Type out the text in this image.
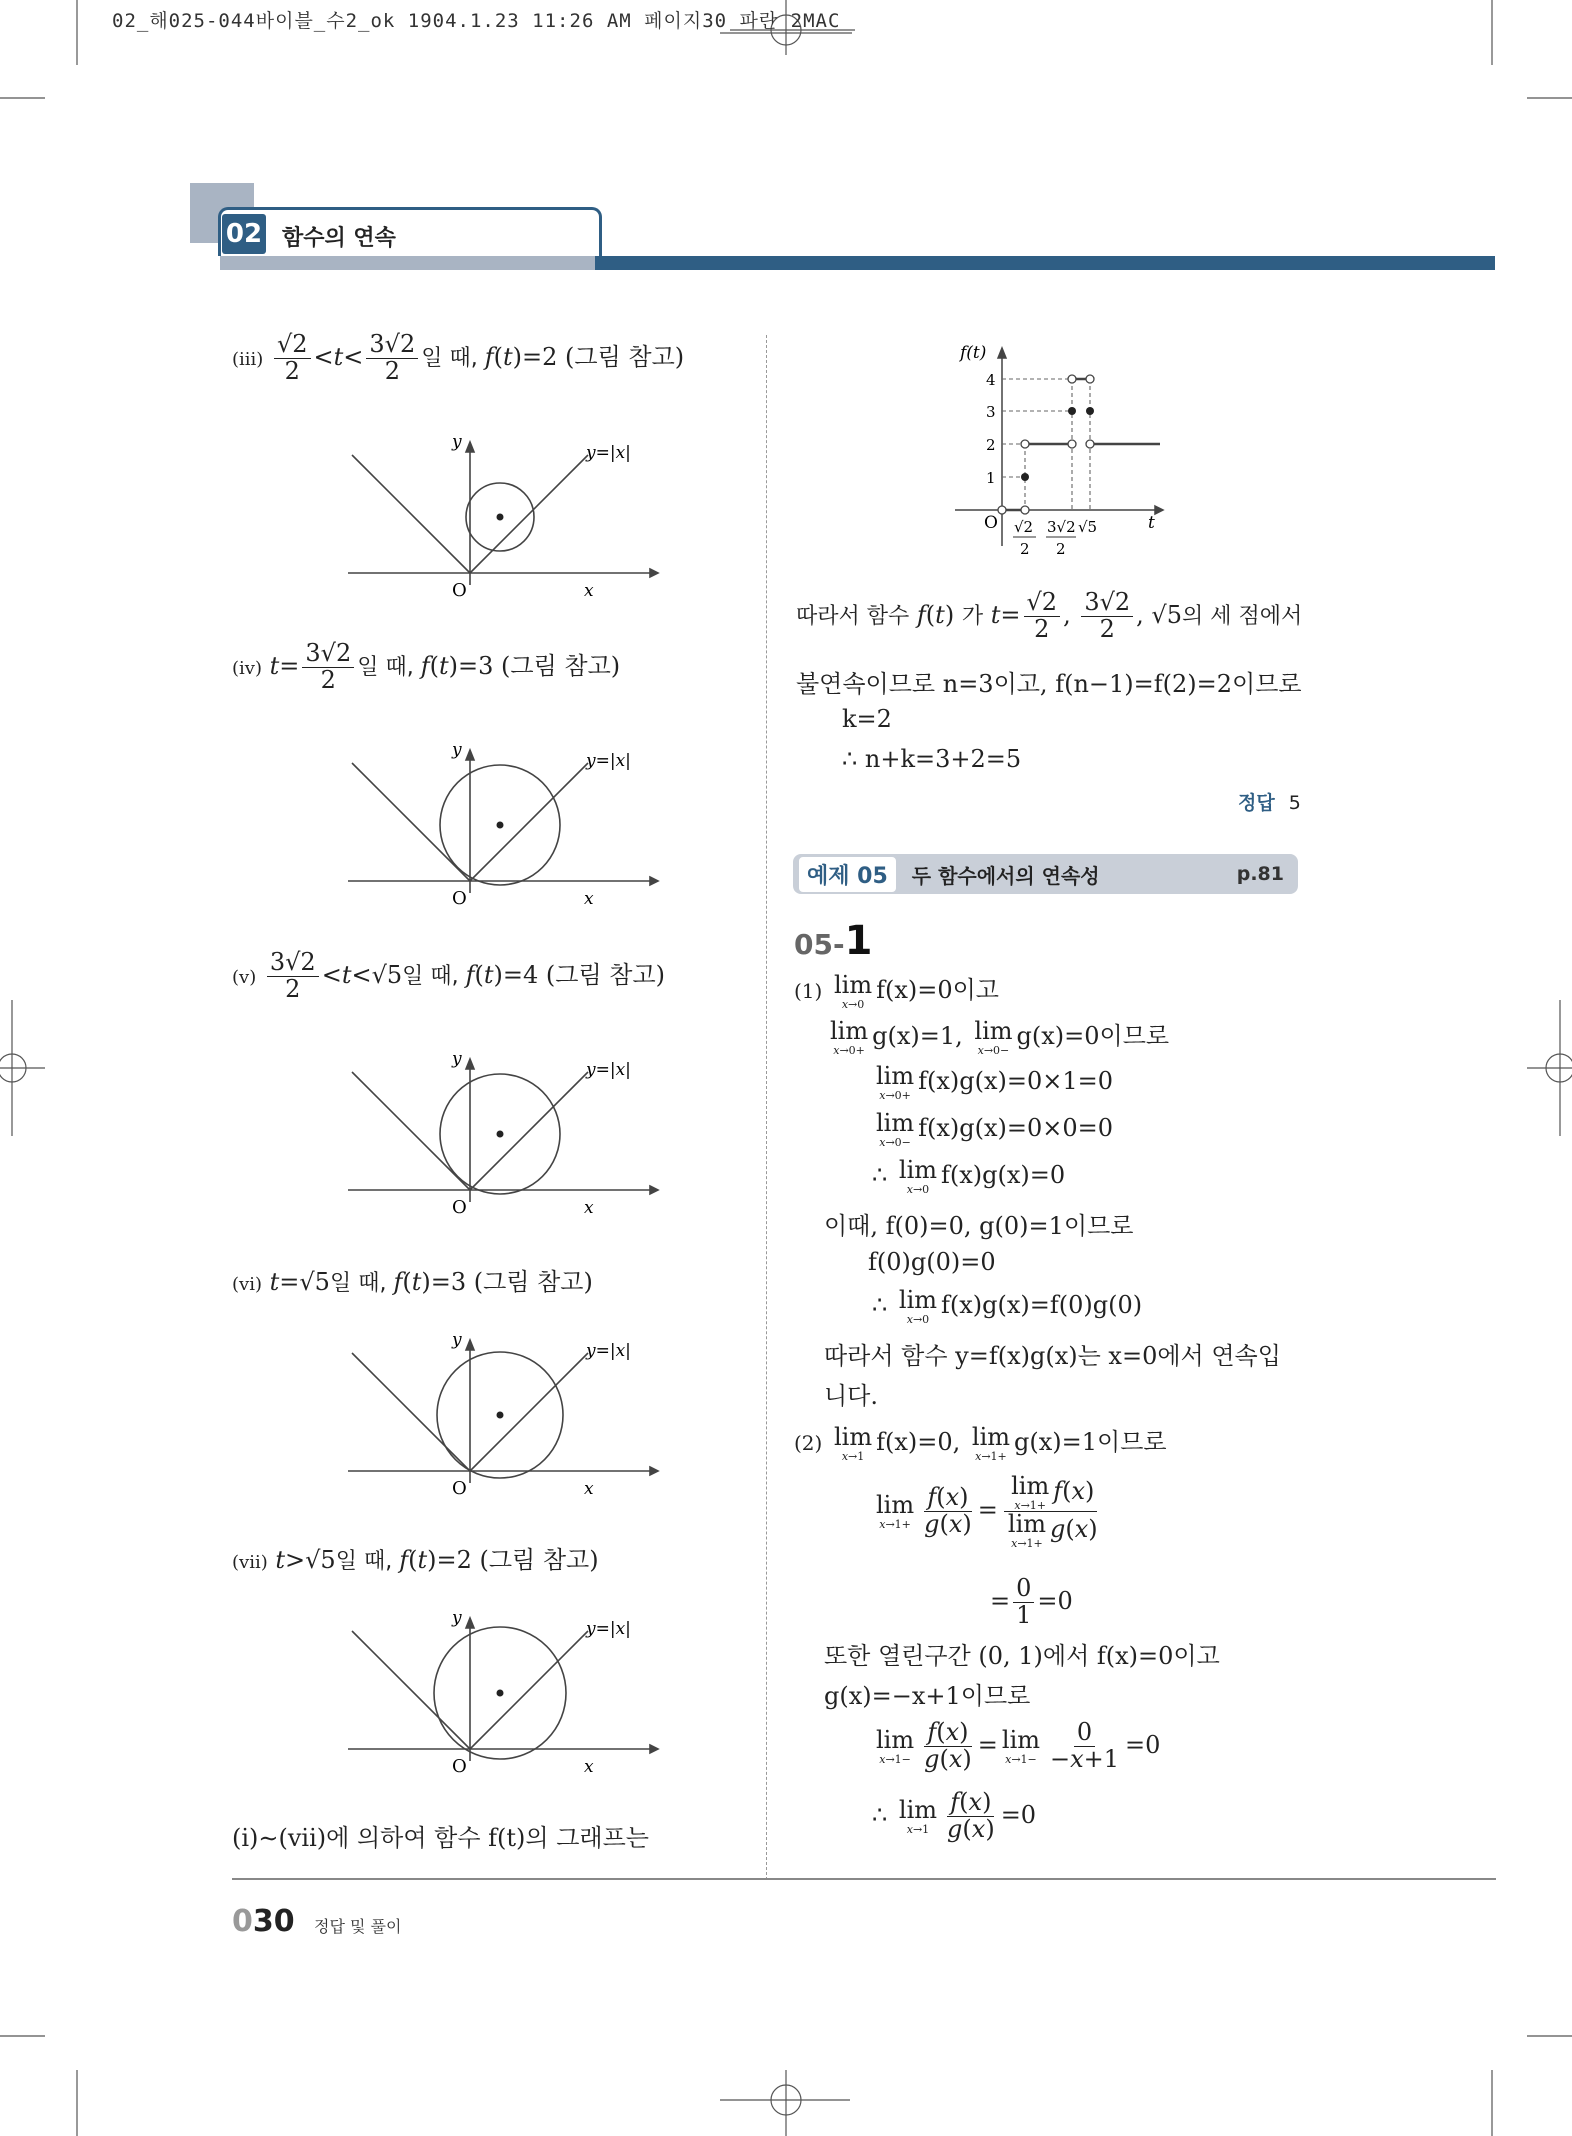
02_해025-044바이블_수2_ok 1904.1.23 11:26 AM 페이지30 파란 2MAC
02 함수의 연속
$(iii) \frac{√2}{2} <t< \frac{3√2}{2}$ 일 때, f(t)=2 (그림 참고)
(iv) $t= \frac{3√2}{2}$ 일 때, f(t)=3 (그림 참고)
$(v) \frac{3√2}{2} <t<√5$일 때, f(t)=4 (그림 참고)
(vi) t=√5일 때, f(t)=3 (그림 참고)
(vii) t>√5일 때, f(t)=2 (그림 참고)
y
y=|x|
O	x
y
y=|x|
O	x
y
y=|x|
O	x
y
y=|x|
O	x
y
y=|x|
O	x
(ⅰ)∼(vii)에 의하여 함수 f(t)의 그래프는
f(t)
t
O
1
2
3
4
√2
2
3√2
2
√5
따라서 함수 f(t) 가 $t= \frac{√2}{2}$ , $\frac{3√2}{2}$ , √5의 세 점에서
불연속이므로 n=3이고, f(n−1)=f(2)=2이므로
k=2
∴ n+k=3+2=5
정답 5
예제 05	두 함수에서의 연속성	p.81
05-1
(1) lim
x→0
f(x)=0이고
lim
x→0+
g(x)=1, lim
x→0−
g(x)=0이므로
lim
x→0+
f(x)g(x)=0×1=0
lim
x→0−
f(x)g(x)=0×0=0
∴ lim
x→0
f(x)g(x)=0
이때, f(0)=0, g(0)=1이므로
f(0)g(0)=0
∴ lim
x→0
f(x)g(x)=f(0)g(0)
따라서 함수 y=f(x)g(x)는 x=0에서 연속입
니다.
(2) lim
x→1
f(x)=0, lim
x→1+
g(x)=1이므로
lim
$x\to 1+ \frac{f(x)}{g(x)} = \lim$
x→1+
f(x)
lim
x→1+
g(x)
= $\frac{0}{1} =0$
또한 열린구간 (0, 1)에서 f(x)=0이고
g(x)=−x+1이므로
lim
$x\to 1- \frac{f(x)}{g(x)} = \lim$
$x\to 1- \frac{0}{-x+1} =0$
∴ lim
$x\to 1 \frac{f(x)}{g(x)} =0$
030 정답 및 풀이
